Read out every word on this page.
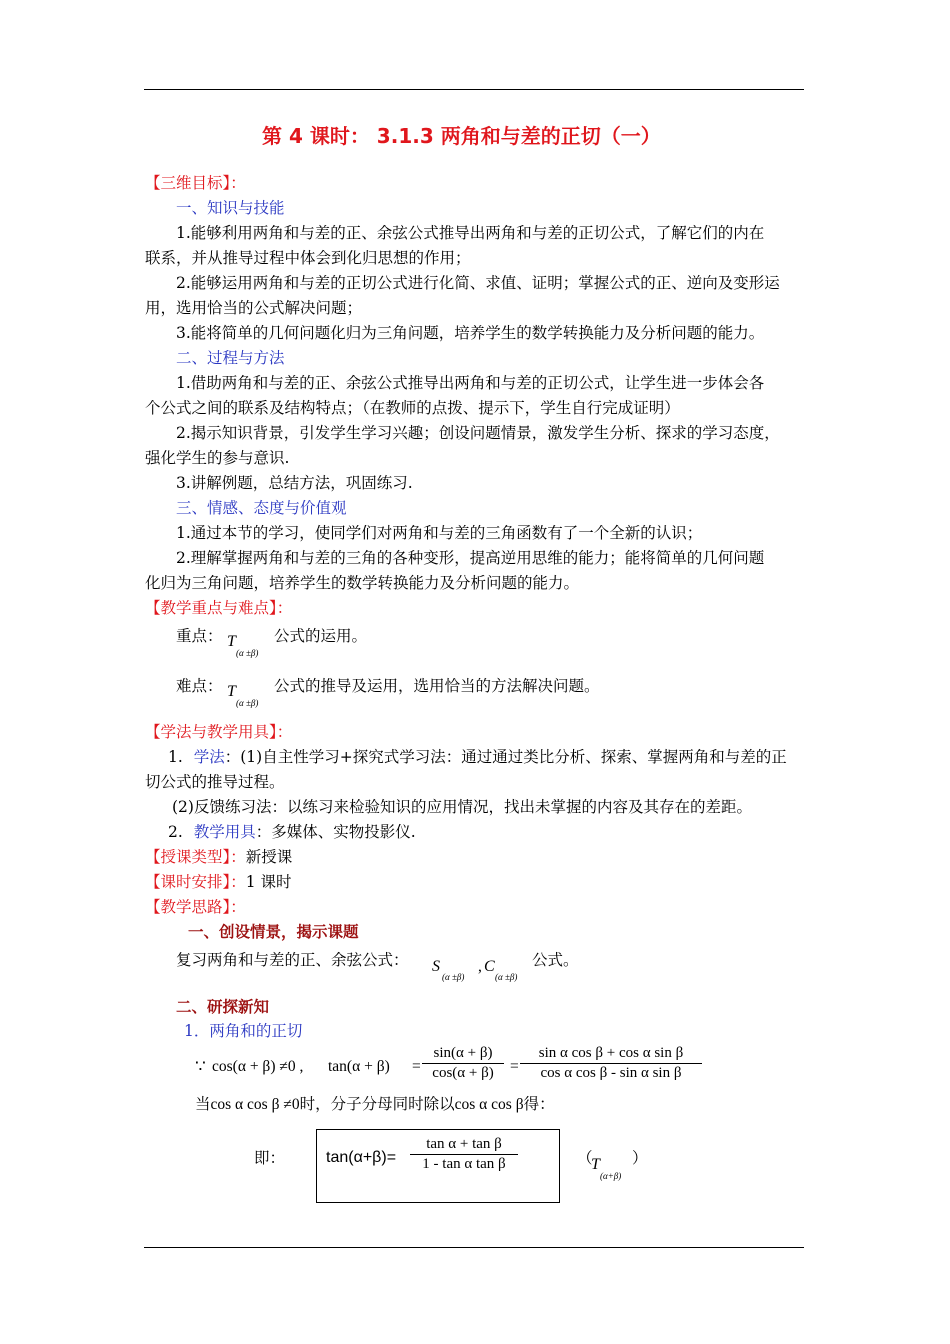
第 4 课时： 3.1.3 两角和与差的正切（一）
【三维目标】：
一、知识与技能
1.能够利用两角和与差的正、余弦公式推导出两角和与差的正切公式，了解它们的内在
联系，并从推导过程中体会到化归思想的作用；
2.能够运用两角和与差的正切公式进行化简、求值、证明；掌握公式的正、逆向及变形运
用，选用恰当的公式解决问题；
3.能将简单的几何问题化归为三角问题，培养学生的数学转换能力及分析问题的能力。
二、过程与方法
1.借助两角和与差的正、余弦公式推导出两角和与差的正切公式，让学生进一步体会各
个公式之间的联系及结构特点；（在教师的点拨、提示下，学生自行完成证明）
2.揭示知识背景，引发学生学习兴趣；创设问题情景，激发学生分析、探求的学习态度，
强化学生的参与意识.
3.讲解例题，总结方法，巩固练习.
三、情感、态度与价值观
1.通过本节的学习，使同学们对两角和与差的三角函数有了一个全新的认识；
2.理解掌握两角和与差的三角的各种变形，提高逆用思维的能力；能将简单的几何问题
化归为三角问题，培养学生的数学转换能力及分析问题的能力。
【教学重点与难点】：
重点： T
(α ±β)
公式的运用。
难点： T
(α ±β)
公式的推导及运用，选用恰当的方法解决问题。
【学法与教学用具】：
1. 学法：(1)自主性学习+探究式学习法：通过通过类比分析、探索、掌握两角和与差的正
切公式的推导过程。
(2)反馈练习法：以练习来检验知识的应用情况，找出未掌握的内容及其存在的差距。
2. 教学用具：多媒体、实物投影仪.
【授课类型】：新授课
【课时安排】：1 课时
【教学思路】：
一、创设情景，揭示课题
复习两角和与差的正、余弦公式： S
(α ±β)
, C
(α ±β)
公式。
二、研探新知
1．两角和的正切
∵ cos(α + β) ≠0 , tan(α + β) =
sin(α + β)
cos(α + β)	=
sin α cos β + cos α sin β
cos α cos β - sin α sin β
当cos α cos β ≠0时，分子分母同时除以cos α cos β得：
即：	tan(α+β)=
tan α + tan β
1 - tan α tan β	（
T
(α+β)
）
